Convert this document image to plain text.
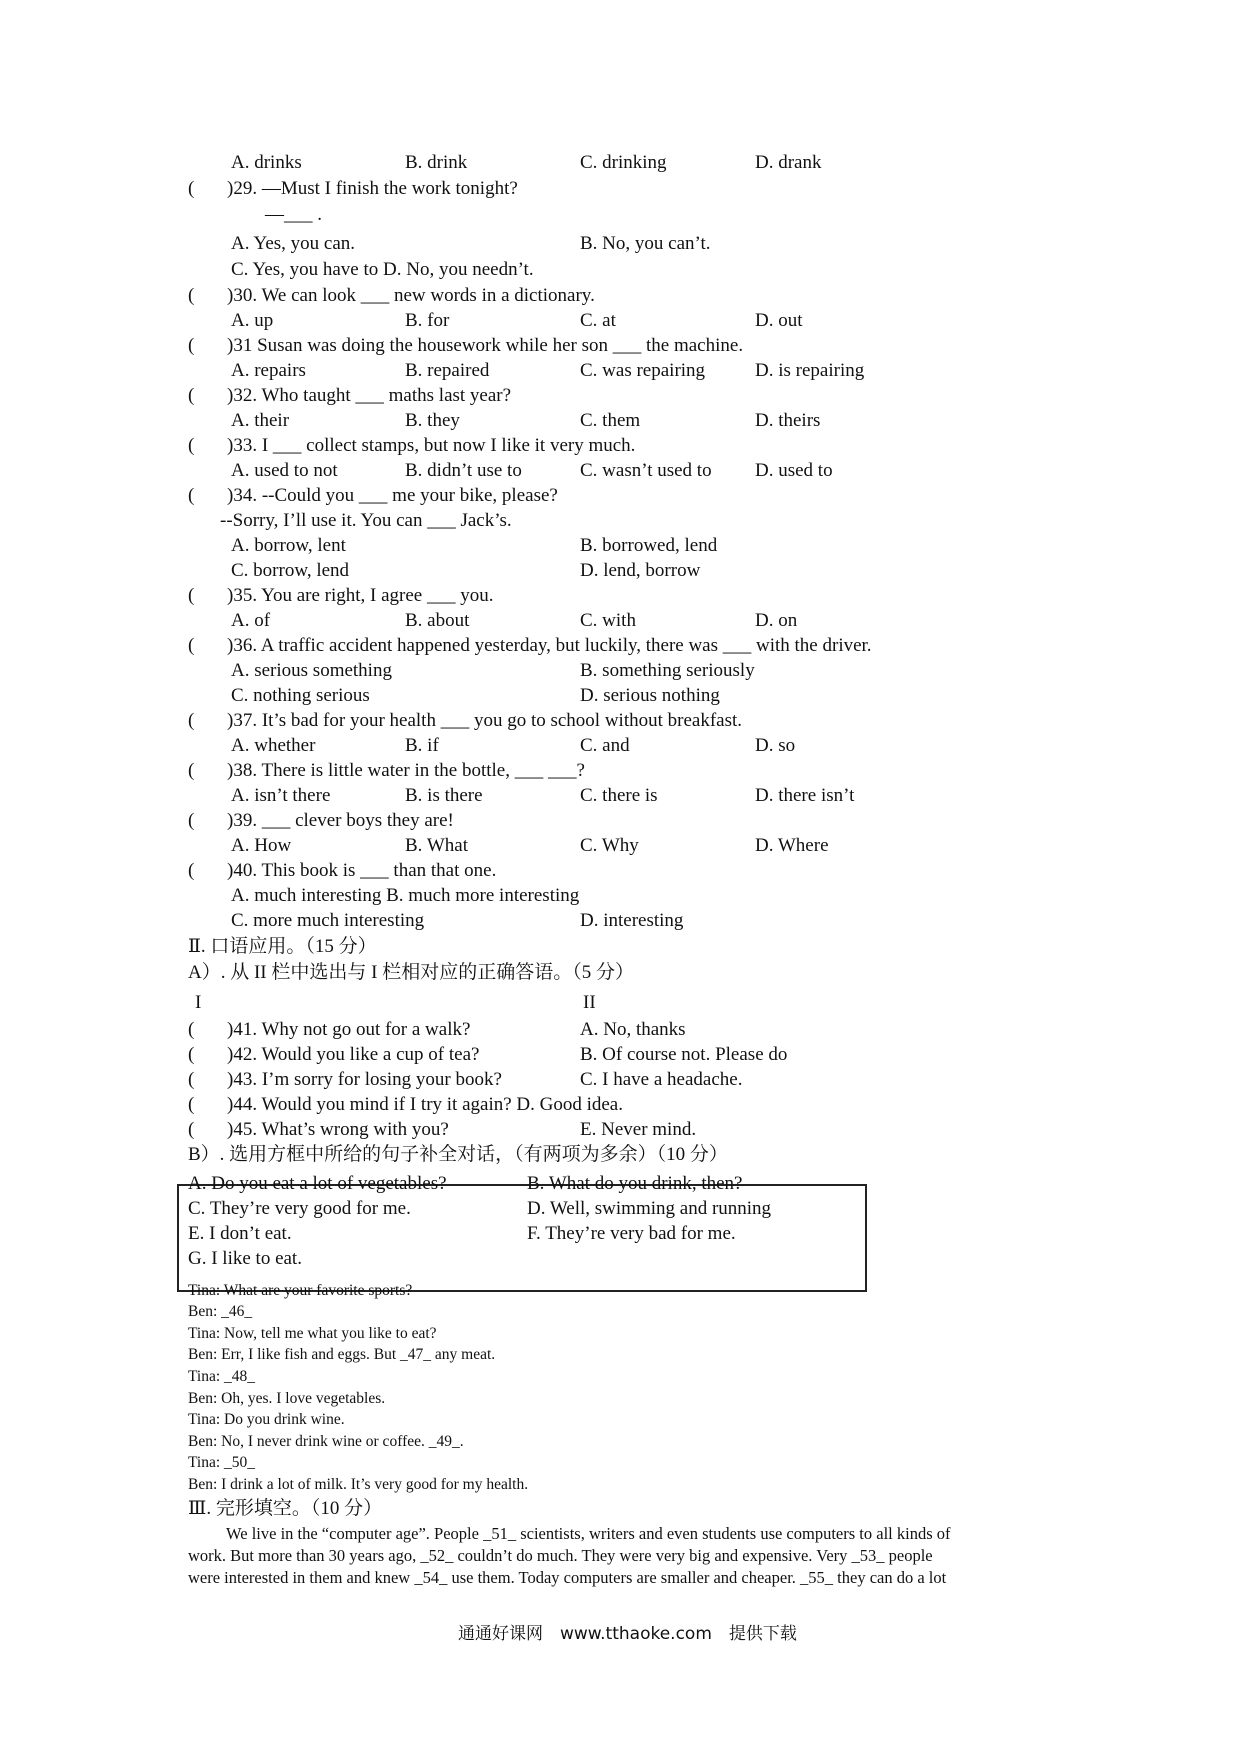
A. drinks	B. drink	C. drinking	D. drank
( )29. —Must I finish the work tonight?
—___ .
A. Yes, you can.	B. No, you can’t.
C. Yes, you have to D. No, you needn’t.
( )30. We can look ___ new words in a dictionary.
A. up	B. for	C. at	D. out
( )31 Susan was doing the housework while her son ___ the machine.
A. repairs	B. repaired	C. was repairing	D. is repairing
( )32. Who taught ___ maths last year?
A. their	B. they	C. them	D. theirs
( )33. I ___ collect stamps, but now I like it very much.
A. used to not	B. didn’t use to	C. wasn’t used to D. used to
( )34. --Could you ___ me your bike, please?
--Sorry, I’ll use it. You can ___ Jack’s.
A. borrow, lent	B. borrowed, lend
C. borrow, lend	D. lend, borrow
( )35. You are right, I agree ___ you.
A. of	B. about	C. with	D. on
( )36. A traffic accident happened yesterday, but luckily, there was ___ with the driver.
A. serious something	B. something seriously
C. nothing serious	D. serious nothing
( )37. It’s bad for your health ___ you go to school without breakfast.
A. whether	B. if	C. and	D. so
( )38. There is little water in the bottle, ___ ___?
A. isn’t there	B. is there	C. there is	D. there isn’t
( )39. ___ clever boys they are!
A. How	B. What	C. Why	D. Where
( )40. This book is ___ than that one.
A. much interesting B. much more interesting
C. more much interesting	D. interesting
Ⅱ. 口语应用。（15 分）
A）. 从 II 栏中选出与 I 栏相对应的正确答语。（5 分）
I	II
( )41. Why not go out for a walk?	A. No, thanks
( )42. Would you like a cup of tea?	B. Of course not. Please do
( )43. I’m sorry for losing your book?	C. I have a headache.
( )44. Would you mind if I try it again? D. Good idea.
( )45. What’s wrong with you?	E. Never mind.
B）. 选用方框中所给的句子补全对话，（有两项为多余）（10 分）
A. Do you eat a lot of vegetables?	B. What do you drink, then?
C. They’re very good for me.	D. Well, swimming and running
E. I don’t eat.	F. They’re very bad for me.
G. I like to eat.
Tina: What are your favorite sports?
Ben: _46_
Tina: Now, tell me what you like to eat?
Ben: Err, I like fish and eggs. But _47_ any meat.
Tina: _48_
Ben: Oh, yes. I love vegetables.
Tina: Do you drink wine.
Ben: No, I never drink wine or coffee. _49_.
Tina: _50_
Ben: I drink a lot of milk. It’s very good for my health.
Ⅲ. 完形填空。（10 分）
We live in the “computer age”. People _51_ scientists, writers and even students use computers to all kinds of
work. But more than 30 years ago, _52_ couldn’t do much. They were very big and expensive. Very _53_ people
were interested in them and knew _54_ use them. Today computers are smaller and cheaper. _55_ they can do a lot
通通好课网　www.tthaoke.com　提供下载
